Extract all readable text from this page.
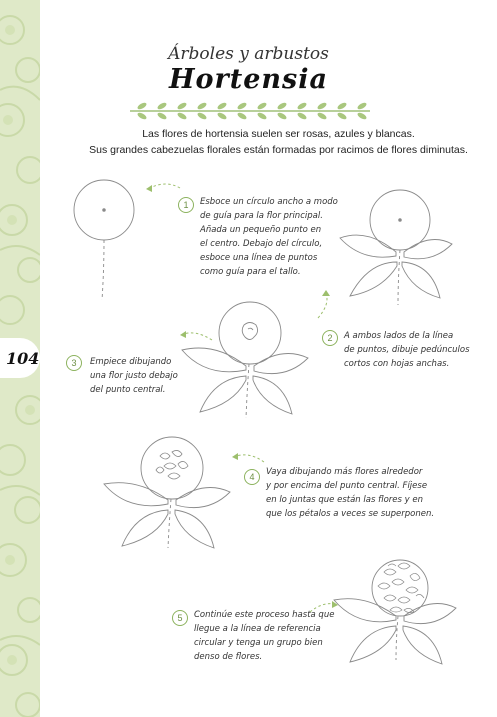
104
Árboles y arbustos
Hortensia
Las flores de hortensia suelen ser rosas, azules y blancas.
Sus grandes cabezuelas florales están formadas por racimos de flores diminutas.
1	Esboce un círculo ancho a modo
de guía para la flor principal.
Añada un pequeño punto en
el centro. Debajo del círculo,
esboce una línea de puntos
como guía para el tallo.
2	A ambos lados de la línea
de puntos, dibuje pedúnculos
cortos con hojas anchas.
3	Empiece dibujando
una flor justo debajo
del punto central.
4	Vaya dibujando más flores alrededor
y por encima del punto central. Fíjese
en lo juntas que están las flores y en
que los pétalos a veces se superponen.
5	Continúe este proceso hasta que
llegue a la línea de referencia
circular y tenga un grupo bien
denso de flores.
